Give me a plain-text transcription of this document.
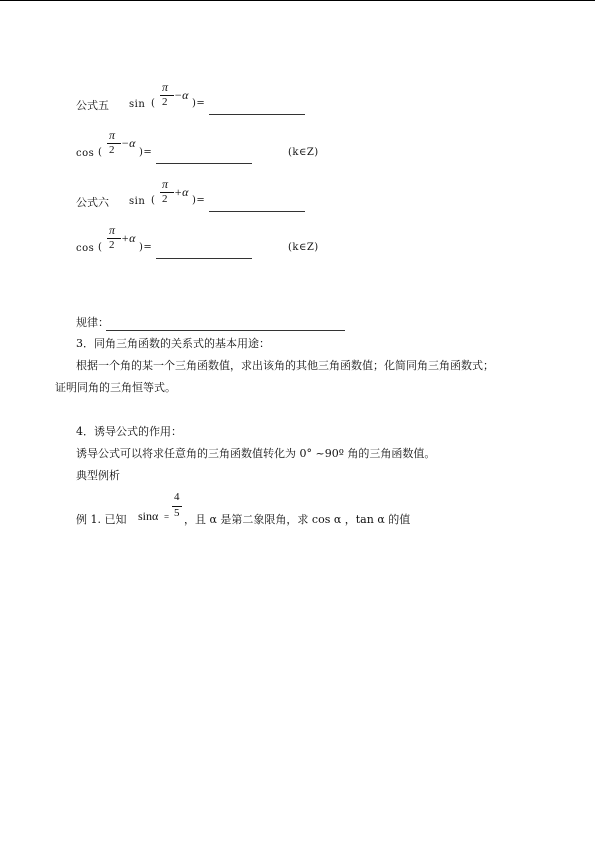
公式五 sin (
π
2 −α
)=
cos (
π
2 −α
)=	(k∈Z)
公式六 sin (
π
2 +α
)=
cos (
π
2 +α
)=	(k∈Z)
规律：
3．同角三角函数的关系式的基本用途：
根据一个角的某一个三角函数值，求出该角的其他三角函数值；化简同角三角函数式；
证明同角的三角恒等式。
4．诱导公式的作用：
诱导公式可以将求任意角的三角函数值转化为 0° ~90º 角的三角函数值。
典型例析
例 1. 已知 sinα =
4
5 ，且 α 是第二象限角，求 cos α ，tan α 的值
